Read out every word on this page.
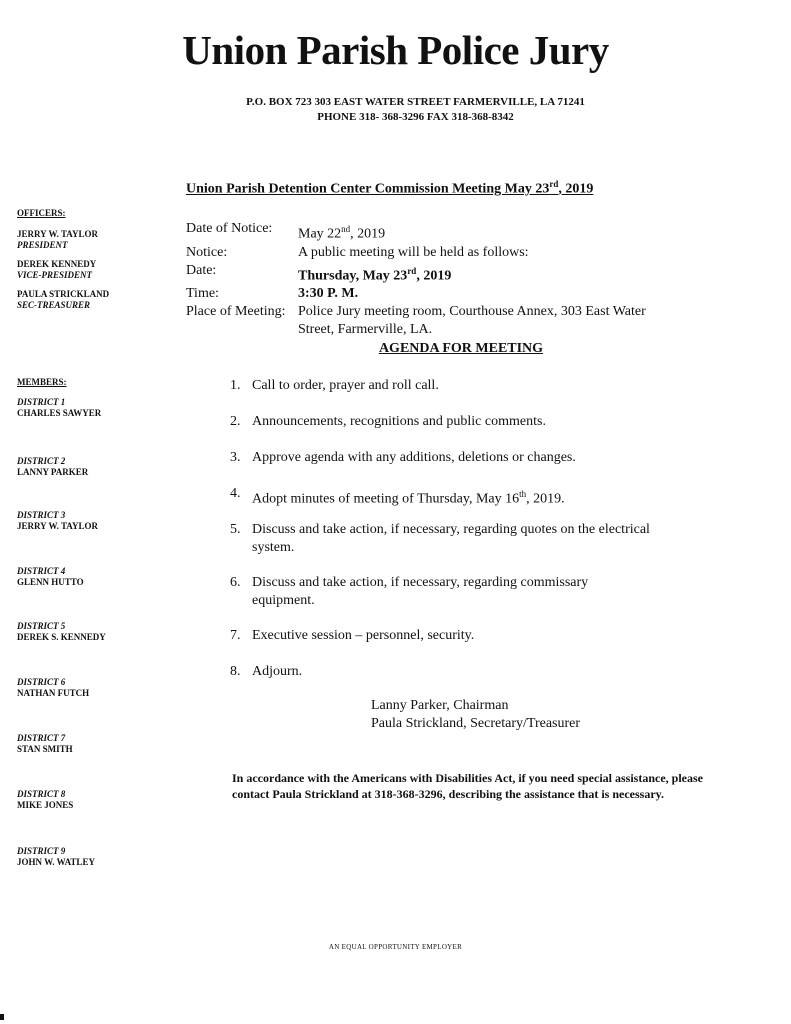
Union Parish Police Jury
P.O. BOX 723 303 EAST WATER STREET FARMERVILLE, LA 71241
PHONE 318- 368-3296 FAX 318-368-8342
Union Parish Detention Center Commission Meeting May 23rd, 2019
OFFICERS:
JERRY W. TAYLOR
PRESIDENT
DEREK KENNEDY
VICE-PRESIDENT
PAULA STRICKLAND
SEC-TREASURER
MEMBERS:
DISTRICT 1
CHARLES SAWYER
DISTRICT 2
LANNY PARKER
DISTRICT 3
JERRY W. TAYLOR
DISTRICT 4
GLENN HUTTO
DISTRICT 5
DEREK S. KENNEDY
DISTRICT 6
NATHAN FUTCH
DISTRICT 7
STAN SMITH
DISTRICT 8
MIKE JONES
DISTRICT 9
JOHN W. WATLEY
Date of Notice:	May 22nd, 2019
Notice:	A public meeting will be held as follows:
Date:	Thursday, May 23rd, 2019
Time:	3:30 P. M.
Place of Meeting: Police Jury meeting room, Courthouse Annex, 303 East Water
Street, Farmerville, LA.
AGENDA FOR MEETING
1. Call to order, prayer and roll call.
2. Announcements, recognitions and public comments.
3. Approve agenda with any additions, deletions or changes.
4. Adopt minutes of meeting of Thursday, May 16th, 2019.
5. Discuss and take action, if necessary, regarding quotes on the electrical
system.
6. Discuss and take action, if necessary, regarding commissary
equipment.
7. Executive session – personnel, security.
8. Adjourn.
Lanny Parker, Chairman
Paula Strickland, Secretary/Treasurer
In accordance with the Americans with Disabilities Act, if you need special assistance, please contact Paula Strickland at 318-368-3296, describing the assistance that is necessary.
AN EQUAL OPPORTUNITY EMPLOYER
